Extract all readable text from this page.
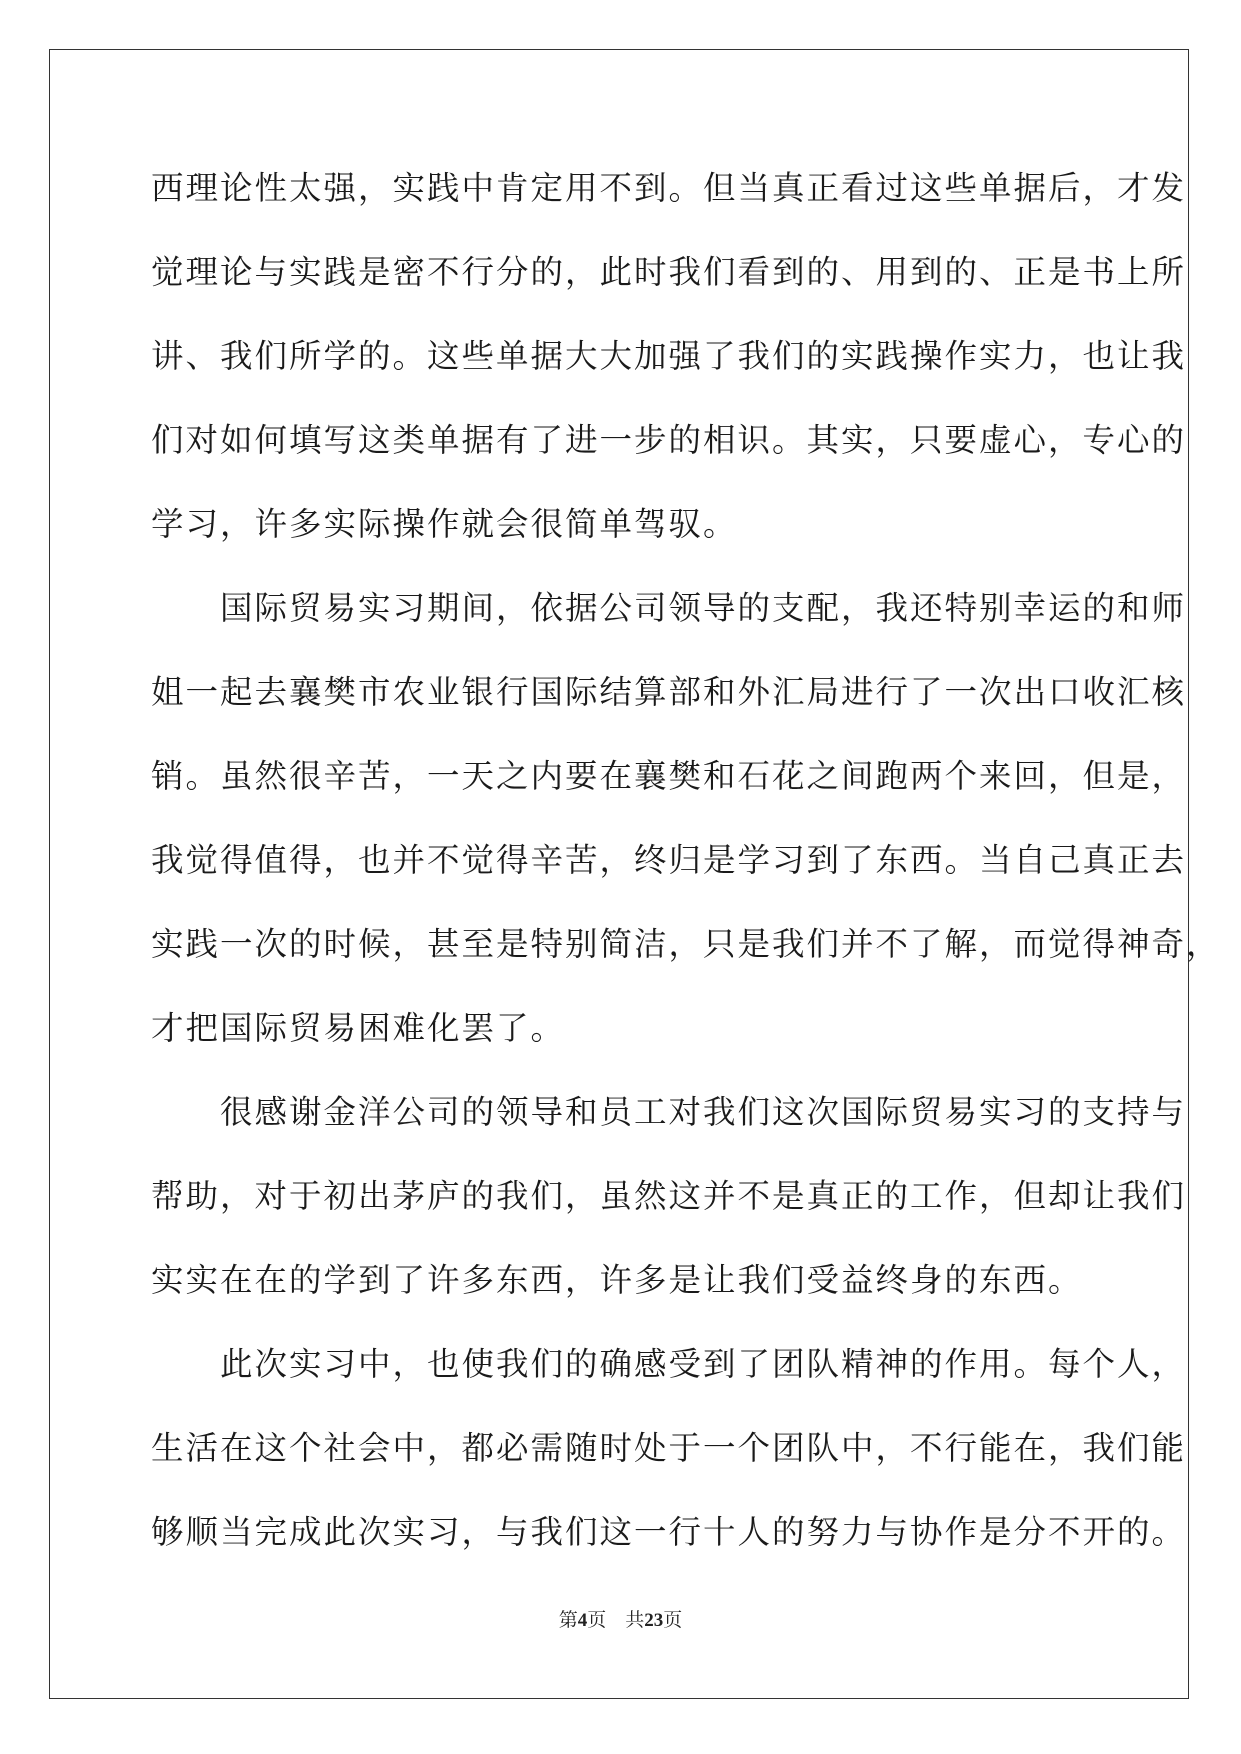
西理论性太强，实践中肯定用不到。但当真正看过这些单据后，才发
觉理论与实践是密不行分的，此时我们看到的、用到的、正是书上所
讲、我们所学的。这些单据大大加强了我们的实践操作实力，也让我
们对如何填写这类单据有了进一步的相识。其实，只要虚心，专心的
学习，许多实际操作就会很简单驾驭。
　　国际贸易实习期间，依据公司领导的支配，我还特别幸运的和师
姐一起去襄樊市农业银行国际结算部和外汇局进行了一次出口收汇核
销。虽然很辛苦，一天之内要在襄樊和石花之间跑两个来回，但是，
我觉得值得，也并不觉得辛苦，终归是学习到了东西。当自己真正去
实践一次的时候，甚至是特别简洁，只是我们并不了解，而觉得神奇，
才把国际贸易困难化罢了。
　　很感谢金洋公司的领导和员工对我们这次国际贸易实习的支持与
帮助，对于初出茅庐的我们，虽然这并不是真正的工作，但却让我们
实实在在的学到了许多东西，许多是让我们受益终身的东西。
　　此次实习中，也使我们的确感受到了团队精神的作用。每个人，
生活在这个社会中，都必需随时处于一个团队中，不行能在，我们能
够顺当完成此次实习，与我们这一行十人的努力与协作是分不开的。
第4页 共23页
